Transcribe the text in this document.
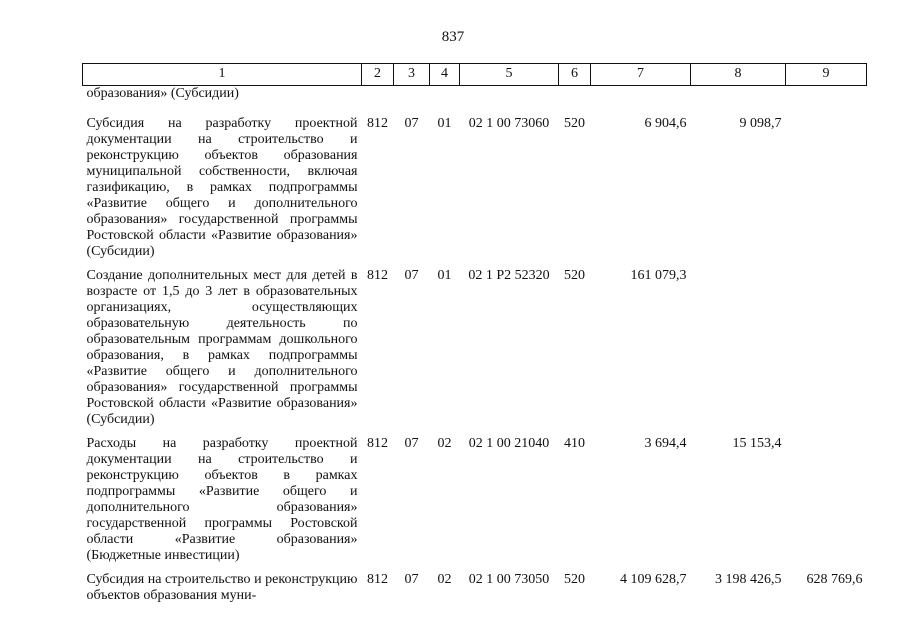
837
1	2	3	4	5	6	7	8	9
образования» (Субсидии)								
Субсидия на разработку проектной документации на строительство и реконструкцию объектов образования муниципальной собственности, включая газификацию, в рамках подпрограммы «Развитие общего и дополнительного образования» государственной программы Ростовской области «Развитие образования» (Субсидии)	812	07	01	02 1 00 73060	520	6 904,6	9 098,7	
Создание дополнительных мест для детей в возрасте от 1,5 до 3 лет в образовательных организациях, осуществляющих образовательную деятельность по образовательным программам дошкольного образования, в рамках подпрограммы «Развитие общего и дополнительного образования» государственной программы Ростовской области «Развитие образования» (Субсидии)	812	07	01	02 1 P2 52320	520	161 079,3		
Расходы на разработку проектной документации на строительство и реконструкцию объектов в рамках подпрограммы «Развитие общего и дополнительного образования» государственной программы Ростовской области «Развитие образования» (Бюджетные инвестиции)	812	07	02	02 1 00 21040	410	3 694,4	15 153,4	
Субсидия на строительство и реконструкцию объектов образования муни-	812	07	02	02 1 00 73050	520	4 109 628,7	3 198 426,5	628 769,6
